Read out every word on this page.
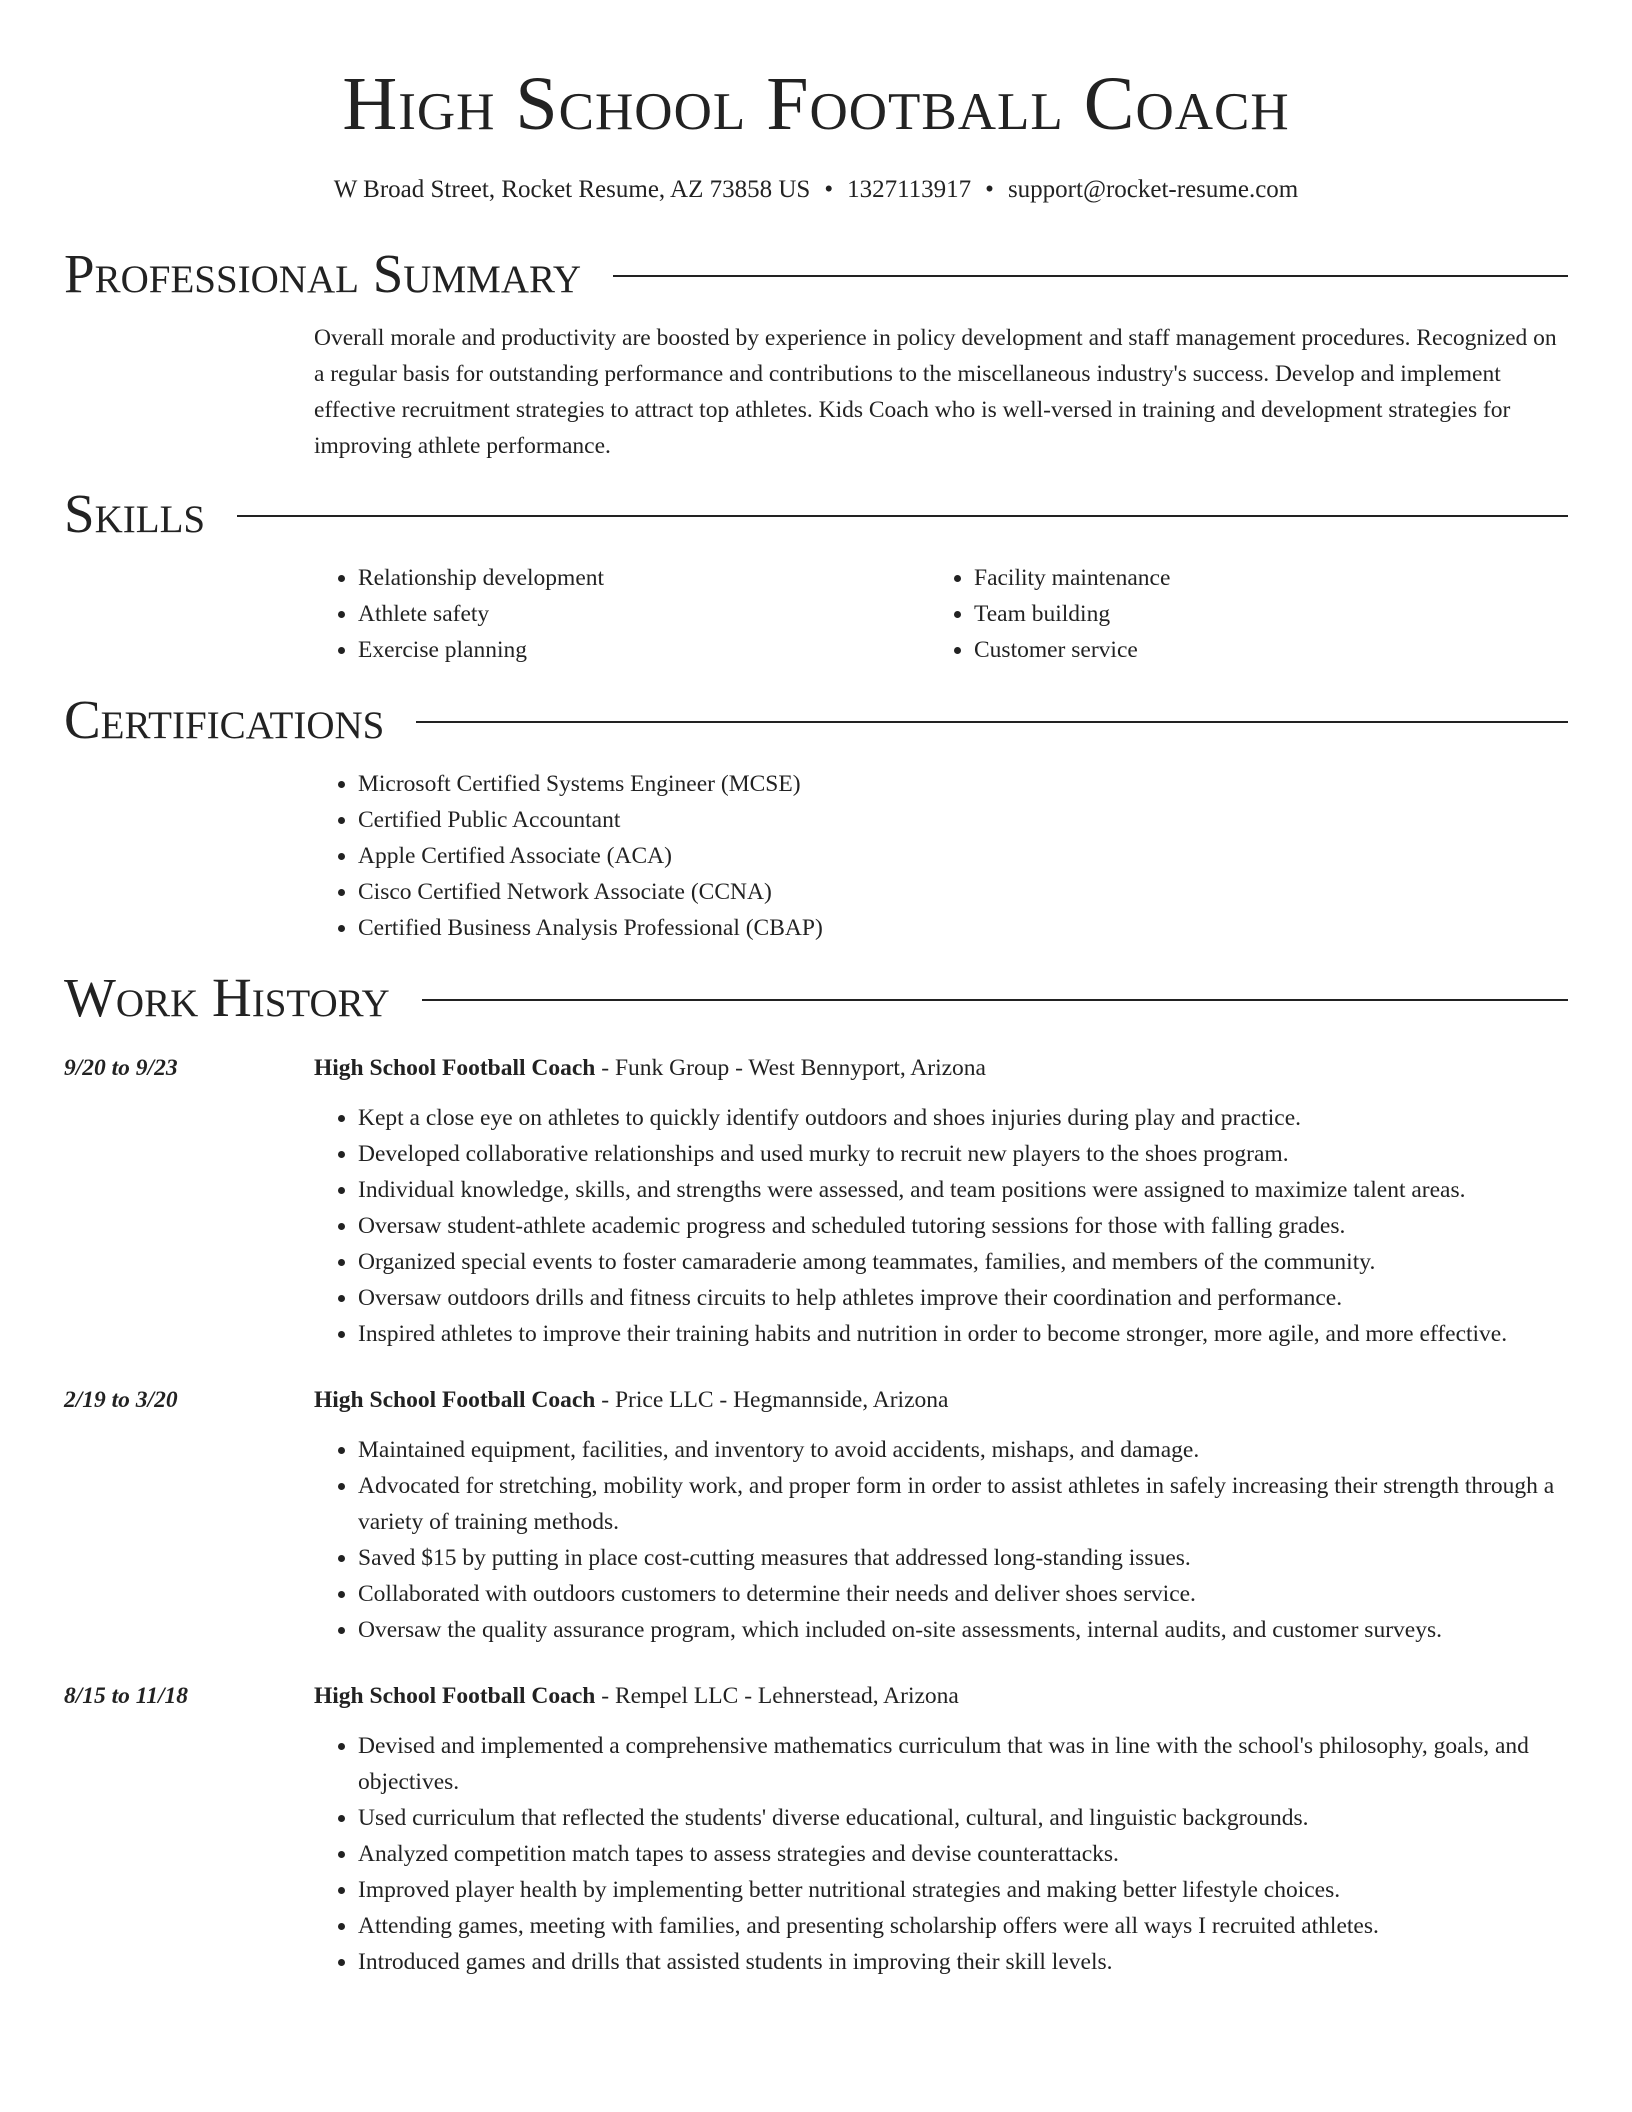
High School Football Coach
W Broad Street, Rocket Resume, AZ 73858 US • 1327113917 • support@rocket-resume.com
Professional Summary

Overall morale and productivity are boosted by experience in policy development and staff management procedures. Recognized on a regular basis for outstanding performance and contributions to the miscellaneous industry's success. Develop and implement effective recruitment strategies to attract top athletes. Kids Coach who is well-versed in training and development strategies for improving athlete performance.

Skills
• Relationship development
• Athlete safety
• Exercise planning
• Facility maintenance
• Team building
• Customer service
Certifications
• Microsoft Certified Systems Engineer (MCSE)
• Certified Public Accountant
• Apple Certified Associate (ACA)
• Cisco Certified Network Associate (CCNA)
• Certified Business Analysis Professional (CBAP)
Work History
9/20 to 9/23	High School Football Coach - Funk Group - West Bennyport, Arizona
• Kept a close eye on athletes to quickly identify outdoors and shoes injuries during play and practice.
• Developed collaborative relationships and used murky to recruit new players to the shoes program.
• Individual knowledge, skills, and strengths were assessed, and team positions were assigned to maximize talent areas.
• Oversaw student-athlete academic progress and scheduled tutoring sessions for those with falling grades.
• Organized special events to foster camaraderie among teammates, families, and members of the community.
• Oversaw outdoors drills and fitness circuits to help athletes improve their coordination and performance.
• Inspired athletes to improve their training habits and nutrition in order to become stronger, more agile, and more effective.
2/19 to 3/20	High School Football Coach - Price LLC - Hegmannside, Arizona
• Maintained equipment, facilities, and inventory to avoid accidents, mishaps, and damage.
• Advocated for stretching, mobility work, and proper form in order to assist athletes in safely increasing their strength through a variety of training methods.
• Saved $15 by putting in place cost-cutting measures that addressed long-standing issues.
• Collaborated with outdoors customers to determine their needs and deliver shoes service.
• Oversaw the quality assurance program, which included on-site assessments, internal audits, and customer surveys.
8/15 to 11/18	High School Football Coach - Rempel LLC - Lehnerstead, Arizona
• Devised and implemented a comprehensive mathematics curriculum that was in line with the school's philosophy, goals, and objectives.
• Used curriculum that reflected the students' diverse educational, cultural, and linguistic backgrounds.
• Analyzed competition match tapes to assess strategies and devise counterattacks.
• Improved player health by implementing better nutritional strategies and making better lifestyle choices.
• Attending games, meeting with families, and presenting scholarship offers were all ways I recruited athletes.
• Introduced games and drills that assisted students in improving their skill levels.
